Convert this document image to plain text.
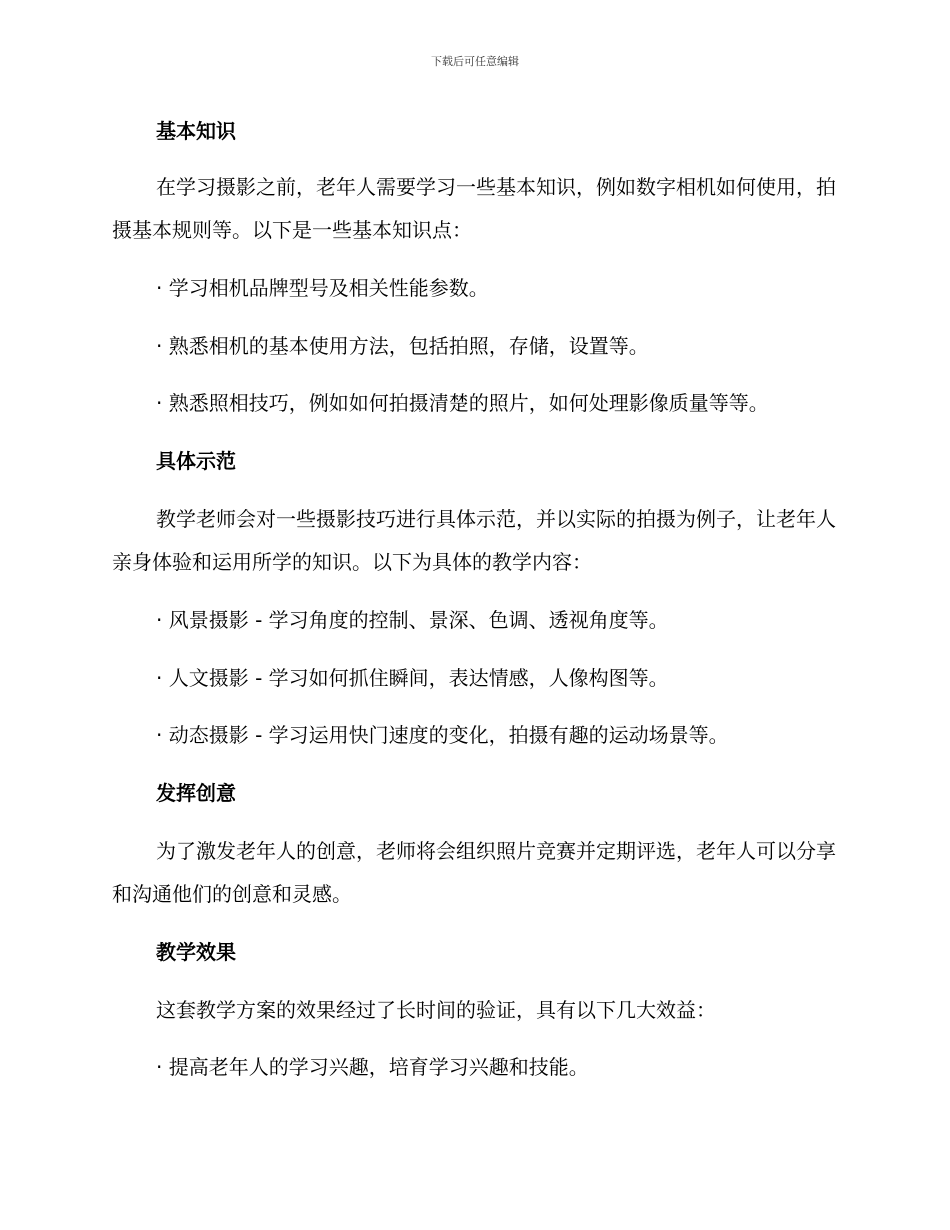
下载后可任意编辑
基本知识
在学习摄影之前，老年人需要学习一些基本知识，例如数字相机如何使用，拍摄基本规则等。以下是一些基本知识点：
· 学习相机品牌型号及相关性能参数。
· 熟悉相机的基本使用方法，包括拍照，存储，设置等。
· 熟悉照相技巧，例如如何拍摄清楚的照片，如何处理影像质量等等。
具体示范
教学老师会对一些摄影技巧进行具体示范，并以实际的拍摄为例子，让老年人亲身体验和运用所学的知识。以下为具体的教学内容：
· 风景摄影 - 学习角度的控制、景深、色调、透视角度等。
· 人文摄影 - 学习如何抓住瞬间，表达情感，人像构图等。
· 动态摄影 - 学习运用快门速度的变化，拍摄有趣的运动场景等。
发挥创意
为了激发老年人的创意，老师将会组织照片竞赛并定期评选，老年人可以分享和沟通他们的创意和灵感。
教学效果
这套教学方案的效果经过了长时间的验证，具有以下几大效益：
· 提高老年人的学习兴趣，培育学习兴趣和技能。
